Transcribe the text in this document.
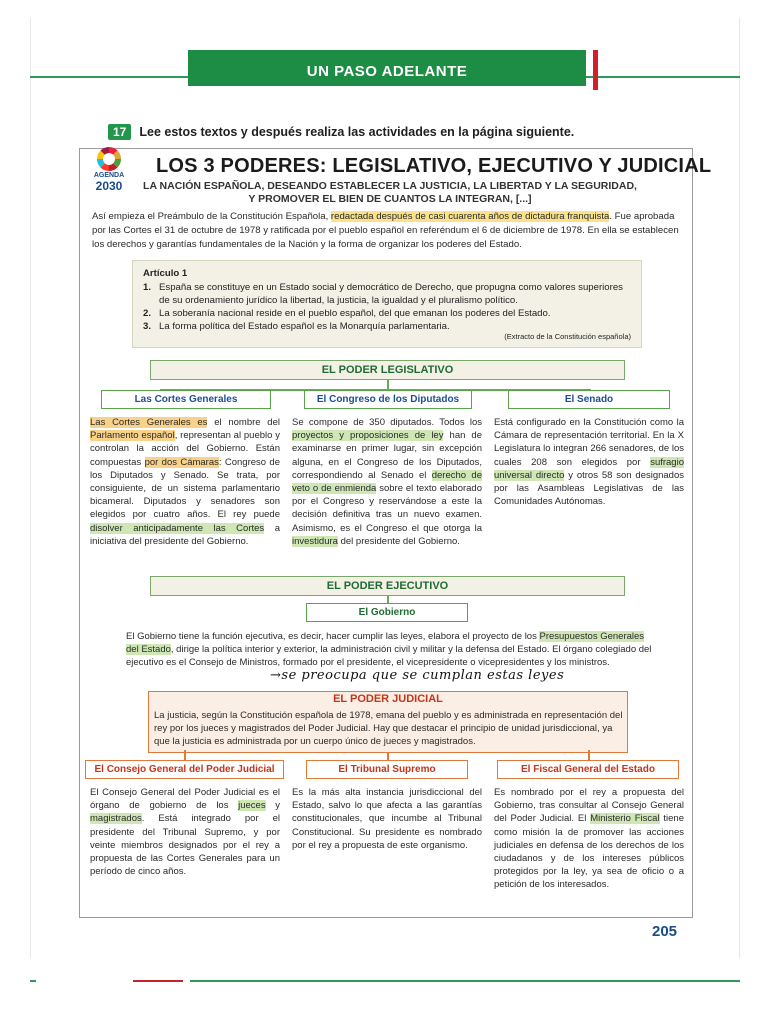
UN PASO ADELANTE
17	Lee estos textos y después realiza las actividades en la página siguiente.
AGENDA
2030
LOS 3 PODERES: LEGISLATIVO, EJECUTIVO Y JUDICIAL
LA NACIÓN ESPAÑOLA, DESEANDO ESTABLECER LA JUSTICIA, LA LIBERTAD Y LA SEGURIDAD,
Y PROMOVER EL BIEN DE CUANTOS LA INTEGRAN, [...]
Así empieza el Preámbulo de la Constitución Española, redactada después de casi cuarenta años de dictadura franquista. Fue aprobada por las Cortes el 31 de octubre de 1978 y ratificada por el pueblo español en referéndum el 6 de diciembre de 1978. En ella se establecen los derechos y garantías fundamentales de la Nación y la forma de organizar los poderes del Estado.
Artículo 1
1. España se constituye en un Estado social y democrático de Derecho, que propugna como valores superiores de su ordenamiento jurídico la libertad, la justicia, la igualdad y el pluralismo político.
2. La soberanía nacional reside en el pueblo español, del que emanan los poderes del Estado.
3. La forma política del Estado español es la Monarquía parlamentaria.
(Extracto de la Constitución española)
EL PODER LEGISLATIVO
Las Cortes Generales	El Congreso de los Diputados	El Senado
Las Cortes Generales es el nombre del Parlamento español, representan al pueblo y controlan la acción del Gobierno. Están compuestas por dos Cámaras: Congreso de los Diputados y Senado. Se trata, por consiguiente, de un sistema parlamentario bicameral. Diputados y senadores son elegidos por cuatro años. El rey puede disolver anticipadamente las Cortes a iniciativa del presidente del Gobierno.
Se compone de 350 diputados. Todos los proyectos y proposiciones de ley han de examinarse en primer lugar, sin excepción alguna, en el Congreso de los Diputados, correspondiendo al Senado el derecho de veto o de enmienda sobre el texto elaborado por el Congreso y reservándose a este la decisión definitiva tras un nuevo examen. Asimismo, es el Congreso el que otorga la investidura del presidente del Gobierno.
Está configurado en la Constitución como la Cámara de representación territorial. En la X Legislatura lo integran 266 senadores, de los cuales 208 son elegidos por sufragio universal directo y otros 58 son designados por las Asambleas Legislativas de las Comunidades Autónomas.
EL PODER EJECUTIVO
El Gobierno
El Gobierno tiene la función ejecutiva, es decir, hacer cumplir las leyes, elabora el proyecto de los Presupuestos Generales del Estado, dirige la política interior y exterior, la administración civil y militar y la defensa del Estado. El órgano colegiado del ejecutivo es el Consejo de Ministros, formado por el presidente, el vicepresidente o vicepresidentes y los ministros.
→se preocupa que se cumplan estas leyes
EL PODER JUDICIAL
La justicia, según la Constitución española de 1978, emana del pueblo y es administrada en representación del rey por los jueces y magistrados del Poder Judicial. Hay que destacar el principio de unidad jurisdiccional, ya que la justicia es administrada por un cuerpo único de jueces y magistrados.
El Consejo General del Poder Judicial	El Tribunal Supremo	El Fiscal General del Estado
El Consejo General del Poder Judicial es el órgano de gobierno de los jueces y magistrados. Está integrado por el presidente del Tribunal Supremo, y por veinte miembros designados por el rey a propuesta de las Cortes Generales para un período de cinco años.
Es la más alta instancia jurisdiccional del Estado, salvo lo que afecta a las garantías constitucionales, que incumbe al Tribunal Constitucional. Su presidente es nombrado por el rey a propuesta de este organismo.
Es nombrado por el rey a propuesta del Gobierno, tras consultar al Consejo General del Poder Judicial. El Ministerio Fiscal tiene como misión la de promover las acciones judiciales en defensa de los derechos de los ciudadanos y de los intereses públicos protegidos por la ley, ya sea de oficio o a petición de los interesados.
205
